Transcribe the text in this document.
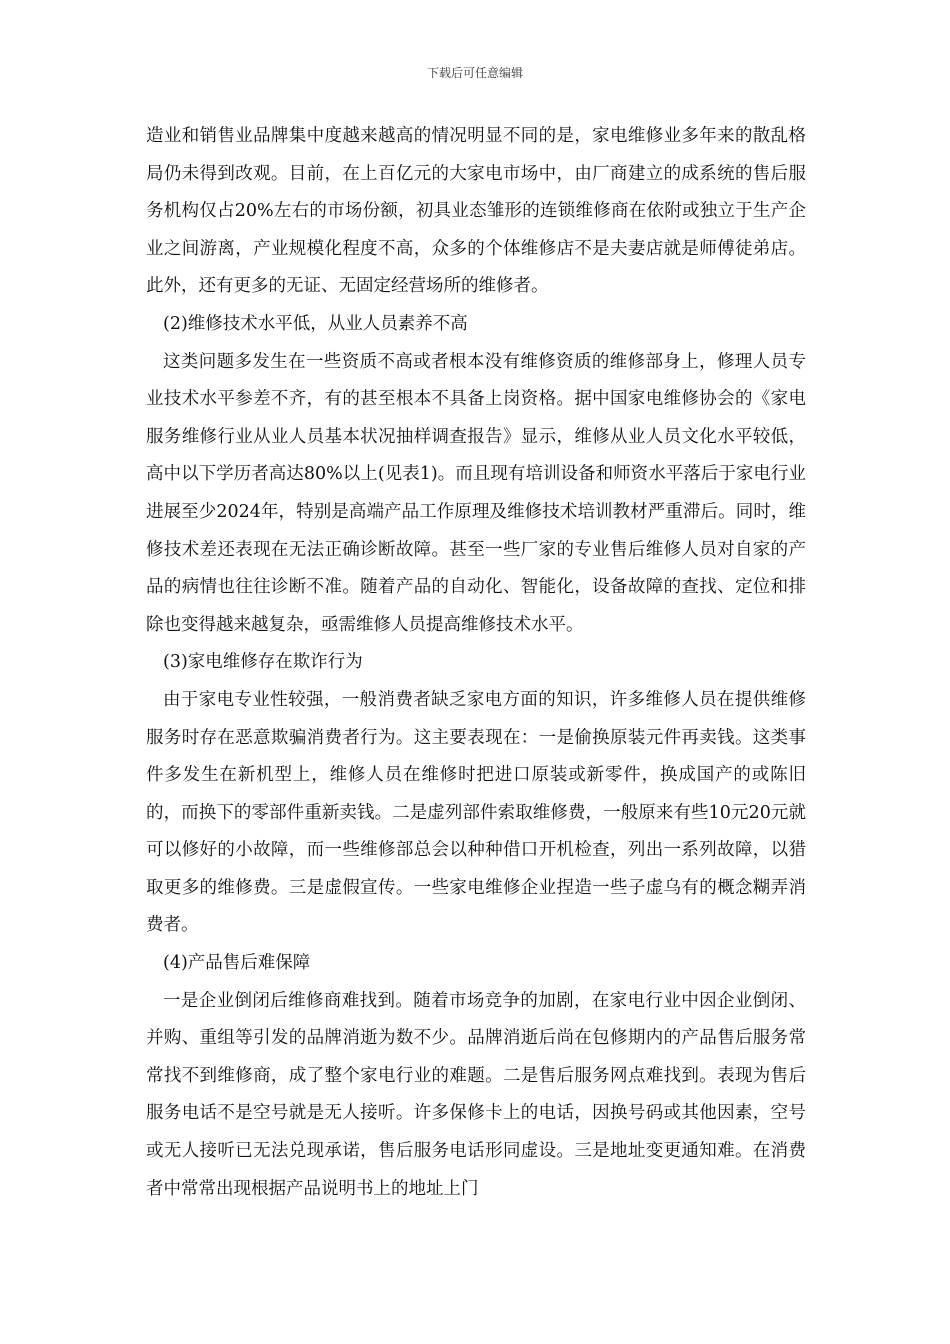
下载后可任意编辑

造业和销售业品牌集中度越来越高的情况明显不同的是，家电维修业多年来的散乱格局仍未得到改观。目前，在上百亿元的大家电市场中，由厂商建立的成系统的售后服务机构仅占20%左右的市场份额，初具业态雏形的连锁维修商在依附或独立于生产企业之间游离，产业规模化程度不高，众多的个体维修店不是夫妻店就是师傅徒弟店。此外，还有更多的无证、无固定经营场所的维修者。

(2)维修技术水平低，从业人员素养不高

这类问题多发生在一些资质不高或者根本没有维修资质的维修部身上，修理人员专业技术水平参差不齐，有的甚至根本不具备上岗资格。据中国家电维修协会的《家电服务维修行业从业人员基本状况抽样调查报告》显示，维修从业人员文化水平较低，高中以下学历者高达80%以上(见表1)。而且现有培训设备和师资水平落后于家电行业进展至少2024年，特别是高端产品工作原理及维修技术培训教材严重滞后。同时，维修技术差还表现在无法正确诊断故障。甚至一些厂家的专业售后维修人员对自家的产品的病情也往往诊断不准。随着产品的自动化、智能化，设备故障的查找、定位和排除也变得越来越复杂，亟需维修人员提高维修技术水平。

(3)家电维修存在欺诈行为

由于家电专业性较强，一般消费者缺乏家电方面的知识，许多维修人员在提供维修服务时存在恶意欺骗消费者行为。这主要表现在：一是偷换原装元件再卖钱。这类事件多发生在新机型上，维修人员在维修时把进口原装或新零件，换成国产的或陈旧的，而换下的零部件重新卖钱。二是虚列部件索取维修费，一般原来有些10元20元就可以修好的小故障，而一些维修部总会以种种借口开机检查，列出一系列故障，以猎取更多的维修费。三是虚假宣传。一些家电维修企业捏造一些子虚乌有的概念糊弄消费者。

(4)产品售后难保障

一是企业倒闭后维修商难找到。随着市场竞争的加剧，在家电行业中因企业倒闭、并购、重组等引发的品牌消逝为数不少。品牌消逝后尚在包修期内的产品售后服务常常找不到维修商，成了整个家电行业的难题。二是售后服务网点难找到。表现为售后服务电话不是空号就是无人接听。许多保修卡上的电话，因换号码或其他因素，空号或无人接听已无法兑现承诺，售后服务电话形同虚设。三是地址变更通知难。在消费者中常常出现根据产品说明书上的地址上门
